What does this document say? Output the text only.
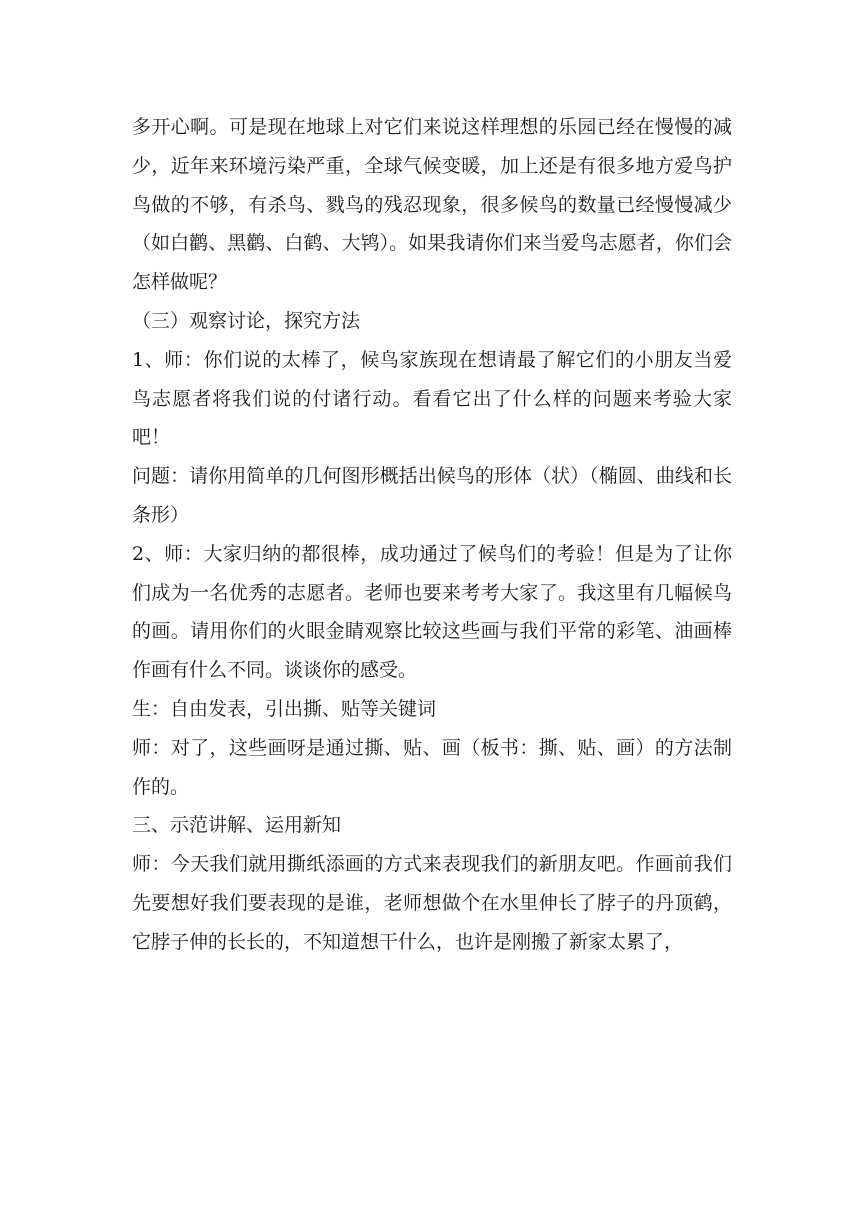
多开心啊。可是现在地球上对它们来说这样理想的乐园已经在慢慢的减少，近年来环境污染严重，全球气候变暖，加上还是有很多地方爱鸟护鸟做的不够，有杀鸟、戮鸟的残忍现象，很多候鸟的数量已经慢慢减少（如白鹳、黑鹳、白鹤、大鸨）。如果我请你们来当爱鸟志愿者，你们会怎样做呢？

（三）观察讨论，探究方法

1、师：你们说的太棒了，候鸟家族现在想请最了解它们的小朋友当爱鸟志愿者将我们说的付诸行动。看看它出了什么样的问题来考验大家吧！

问题：请你用简单的几何图形概括出候鸟的形体（状）（椭圆、曲线和长条形）

2、师：大家归纳的都很棒，成功通过了候鸟们的考验！但是为了让你们成为一名优秀的志愿者。老师也要来考考大家了。我这里有几幅候鸟的画。请用你们的火眼金睛观察比较这些画与我们平常的彩笔、油画棒作画有什么不同。谈谈你的感受。

生：自由发表，引出撕、贴等关键词

师：对了，这些画呀是通过撕、贴、画（板书：撕、贴、画）的方法制作的。

三、示范讲解、运用新知

师：今天我们就用撕纸添画的方式来表现我们的新朋友吧。作画前我们先要想好我们要表现的是谁，老师想做个在水里伸长了脖子的丹顶鹤，它脖子伸的长长的，不知道想干什么，也许是刚搬了新家太累了，
